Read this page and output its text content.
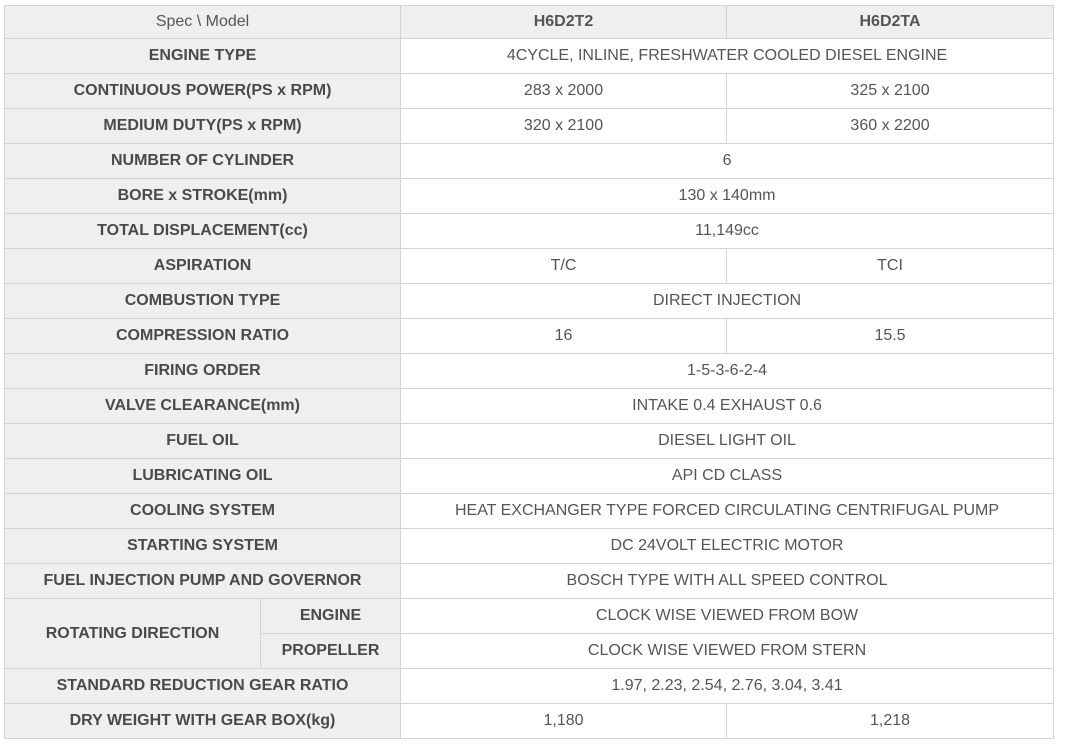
Spec \ Model		H6D2T2	H6D2TA
ENGINE TYPE		4CYCLE, INLINE, FRESHWATER COOLED DIESEL ENGINE	
CONTINUOUS POWER(PS x RPM)		283 x 2000	325 x 2100
MEDIUM DUTY(PS x RPM)		320 x 2100	360 x 2200
NUMBER OF CYLINDER		6	
BORE x STROKE(mm)		130 x 140mm	
TOTAL DISPLACEMENT(cc)		11,149cc	
ASPIRATION		T/C	TCI
COMBUSTION TYPE		DIRECT INJECTION	
COMPRESSION RATIO		16	15.5
FIRING ORDER		1-5-3-6-2-4	
VALVE CLEARANCE(mm)		INTAKE 0.4 EXHAUST 0.6	
FUEL OIL		DIESEL LIGHT OIL	
LUBRICATING OIL		API CD CLASS	
COOLING SYSTEM		HEAT EXCHANGER TYPE FORCED CIRCULATING CENTRIFUGAL PUMP	
STARTING SYSTEM		DC 24VOLT ELECTRIC MOTOR	
FUEL INJECTION PUMP AND GOVERNOR		BOSCH TYPE WITH ALL SPEED CONTROL	
ROTATING DIRECTION	ENGINE	CLOCK WISE VIEWED FROM BOW	
	PROPELLER	CLOCK WISE VIEWED FROM STERN	
STANDARD REDUCTION GEAR RATIO		1.97, 2.23, 2.54, 2.76, 3.04, 3.41	
DRY WEIGHT WITH GEAR BOX(kg)		1,180	1,218
